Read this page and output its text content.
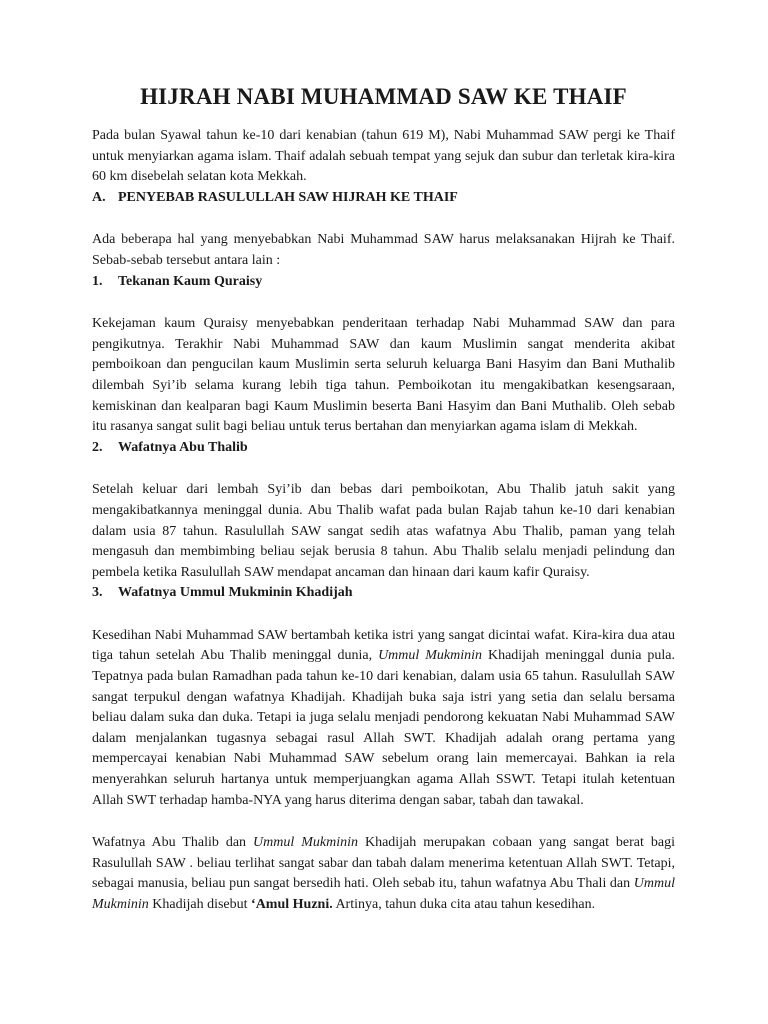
HIJRAH NABI MUHAMMAD SAW KE THAIF

Pada bulan Syawal tahun ke-10 dari kenabian (tahun 619 M), Nabi Muhammad SAW pergi ke Thaif untuk menyiarkan agama islam. Thaif adalah sebuah tempat yang sejuk dan subur dan terletak kira-kira 60 km disebelah selatan kota Mekkah.

A. PENYEBAB RASULULLAH SAW HIJRAH KE THAIF

Ada beberapa hal yang menyebabkan Nabi Muhammad SAW harus melaksanakan Hijrah ke Thaif. Sebab-sebab tersebut antara lain :

1.	Tekanan Kaum Quraisy

Kekejaman kaum Quraisy menyebabkan penderitaan terhadap Nabi Muhammad SAW dan para pengikutnya. Terakhir Nabi Muhammad SAW dan kaum Muslimin sangat menderita akibat pemboikoan dan pengucilan kaum Muslimin serta seluruh keluarga Bani Hasyim dan Bani Muthalib dilembah Syi’ib selama kurang lebih tiga tahun. Pemboikotan itu mengakibatkan kesengsaraan, kemiskinan dan kealparan bagi Kaum Muslimin beserta Bani Hasyim dan Bani Muthalib. Oleh sebab itu rasanya sangat sulit bagi beliau untuk terus bertahan dan menyiarkan agama islam di Mekkah.

2.	Wafatnya Abu Thalib

Setelah keluar dari lembah Syi’ib dan bebas dari pemboikotan, Abu Thalib jatuh sakit yang mengakibatkannya meninggal dunia. Abu Thalib wafat pada bulan Rajab tahun ke-10 dari kenabian dalam usia 87 tahun. Rasulullah SAW sangat sedih atas wafatnya Abu Thalib, paman yang telah mengasuh dan membimbing beliau sejak berusia 8 tahun. Abu Thalib selalu menjadi pelindung dan pembela ketika Rasulullah SAW mendapat ancaman dan hinaan dari kaum kafir Quraisy.

3.	Wafatnya Ummul Mukminin Khadijah

Kesedihan Nabi Muhammad SAW bertambah ketika istri yang sangat dicintai wafat. Kira-kira dua atau tiga tahun setelah Abu Thalib meninggal dunia, Ummul Mukminin Khadijah meninggal dunia pula. Tepatnya pada bulan Ramadhan pada tahun ke-10 dari kenabian, dalam usia 65 tahun. Rasulullah SAW sangat terpukul dengan wafatnya Khadijah. Khadijah buka saja istri yang setia dan selalu bersama beliau dalam suka dan duka. Tetapi ia juga selalu menjadi pendorong kekuatan Nabi Muhammad SAW dalam menjalankan tugasnya sebagai rasul Allah SWT. Khadijah adalah orang pertama yang mempercayai kenabian Nabi Muhammad SAW sebelum orang lain memercayai. Bahkan ia rela menyerahkan seluruh hartanya untuk memperjuangkan agama Allah SSWT. Tetapi itulah ketentuan Allah SWT terhadap hamba-NYA yang harus diterima dengan sabar, tabah dan tawakal.

Wafatnya Abu Thalib dan Ummul Mukminin Khadijah merupakan cobaan yang sangat berat bagi Rasulullah SAW . beliau terlihat sangat sabar dan tabah dalam menerima ketentuan Allah SWT. Tetapi, sebagai manusia, beliau pun sangat bersedih hati. Oleh sebab itu, tahun wafatnya Abu Thali dan Ummul Mukminin Khadijah disebut ‘Amul Huzni. Artinya, tahun duka cita atau tahun kesedihan.
